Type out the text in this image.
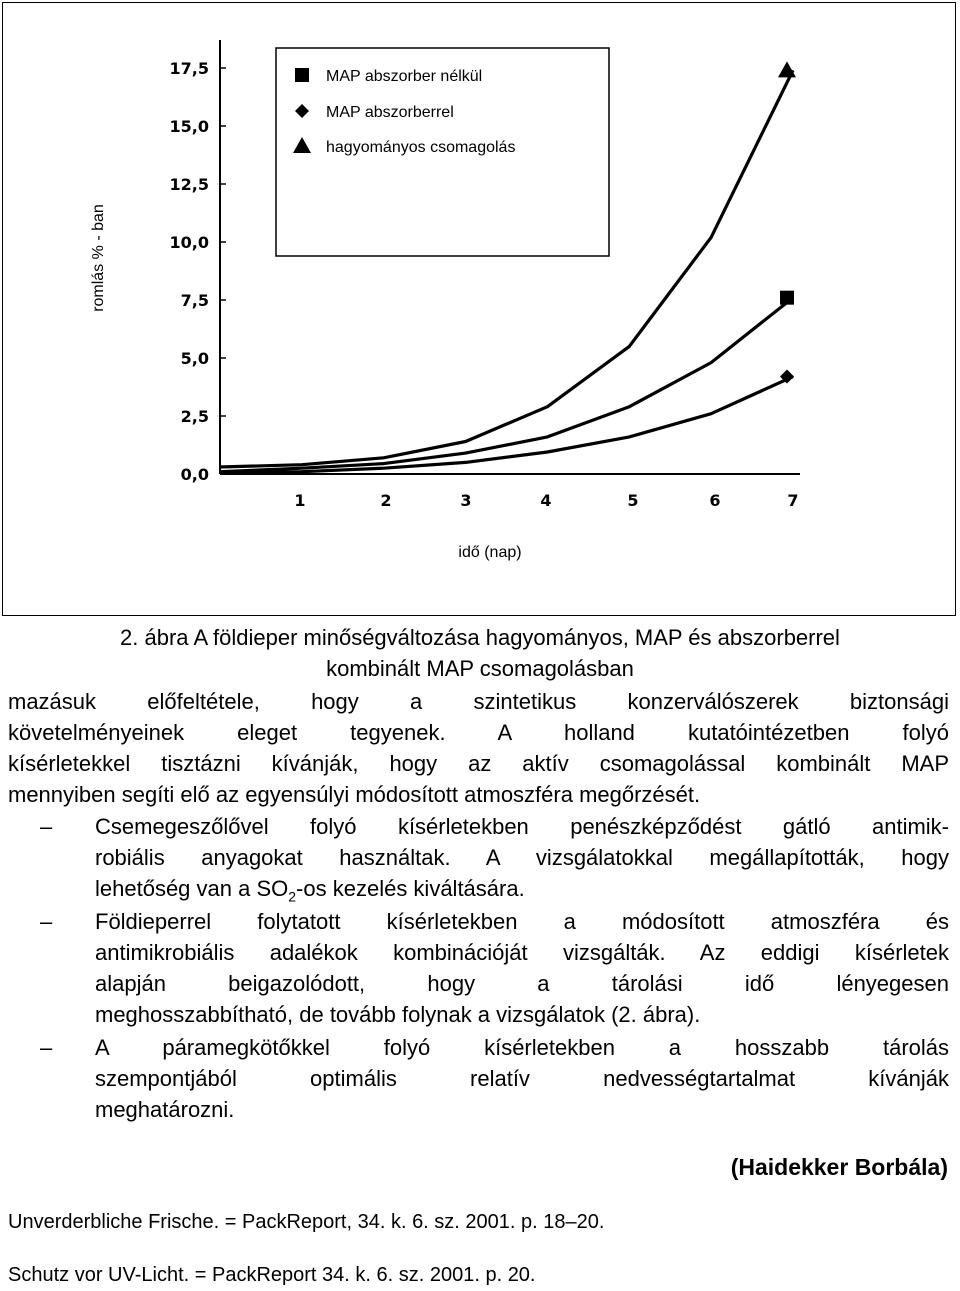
0,0
2,5
5,0
7,5
10,0
12,5
15,0
17,5
1	2	3	4	5	6	7
MAP abszorber nélkül
MAP abszorberrel
hagyományos csomagolás
romlás % - ban
idő (nap)
2. ábra A földieper minőségváltozása hagyományos, MAP és abszorberrel
kombinált MAP csomagolásban
mazásuk előfeltétele, hogy a szintetikus konzerválószerek biztonsági
követelményeinek eleget tegyenek. A holland kutatóintézetben folyó
kísérletekkel tisztázni kívánják, hogy az aktív csomagolással kombinált MAP
mennyiben segíti elő az egyensúlyi módosított atmoszféra megőrzését.
– Csemegeszőlővel folyó kísérletekben penészképződést gátló antimik-
robiális anyagokat használtak. A vizsgálatokkal megállapították, hogy
lehetőség van a $SO_2-os$ kezelés kiváltására.
– Földieperrel folytatott kísérletekben a módosított atmoszféra és
antimikrobiális adalékok kombinációját vizsgálták. Az eddigi kísérletek
alapján beigazolódott, hogy a tárolási idő lényegesen
meghosszabbítható, de tovább folynak a vizsgálatok (2. ábra).
– A páramegkötőkkel folyó kísérletekben a hosszabb tárolás
szempontjából optimális relatív nedvességtartalmat kívánják
meghatározni.
(Haidekker Borbála)
Unverderbliche Frische. = PackReport, 34. k. 6. sz. 2001. p. 18–20.
Schutz vor UV-Licht. = PackReport 34. k. 6. sz. 2001. p. 20.
